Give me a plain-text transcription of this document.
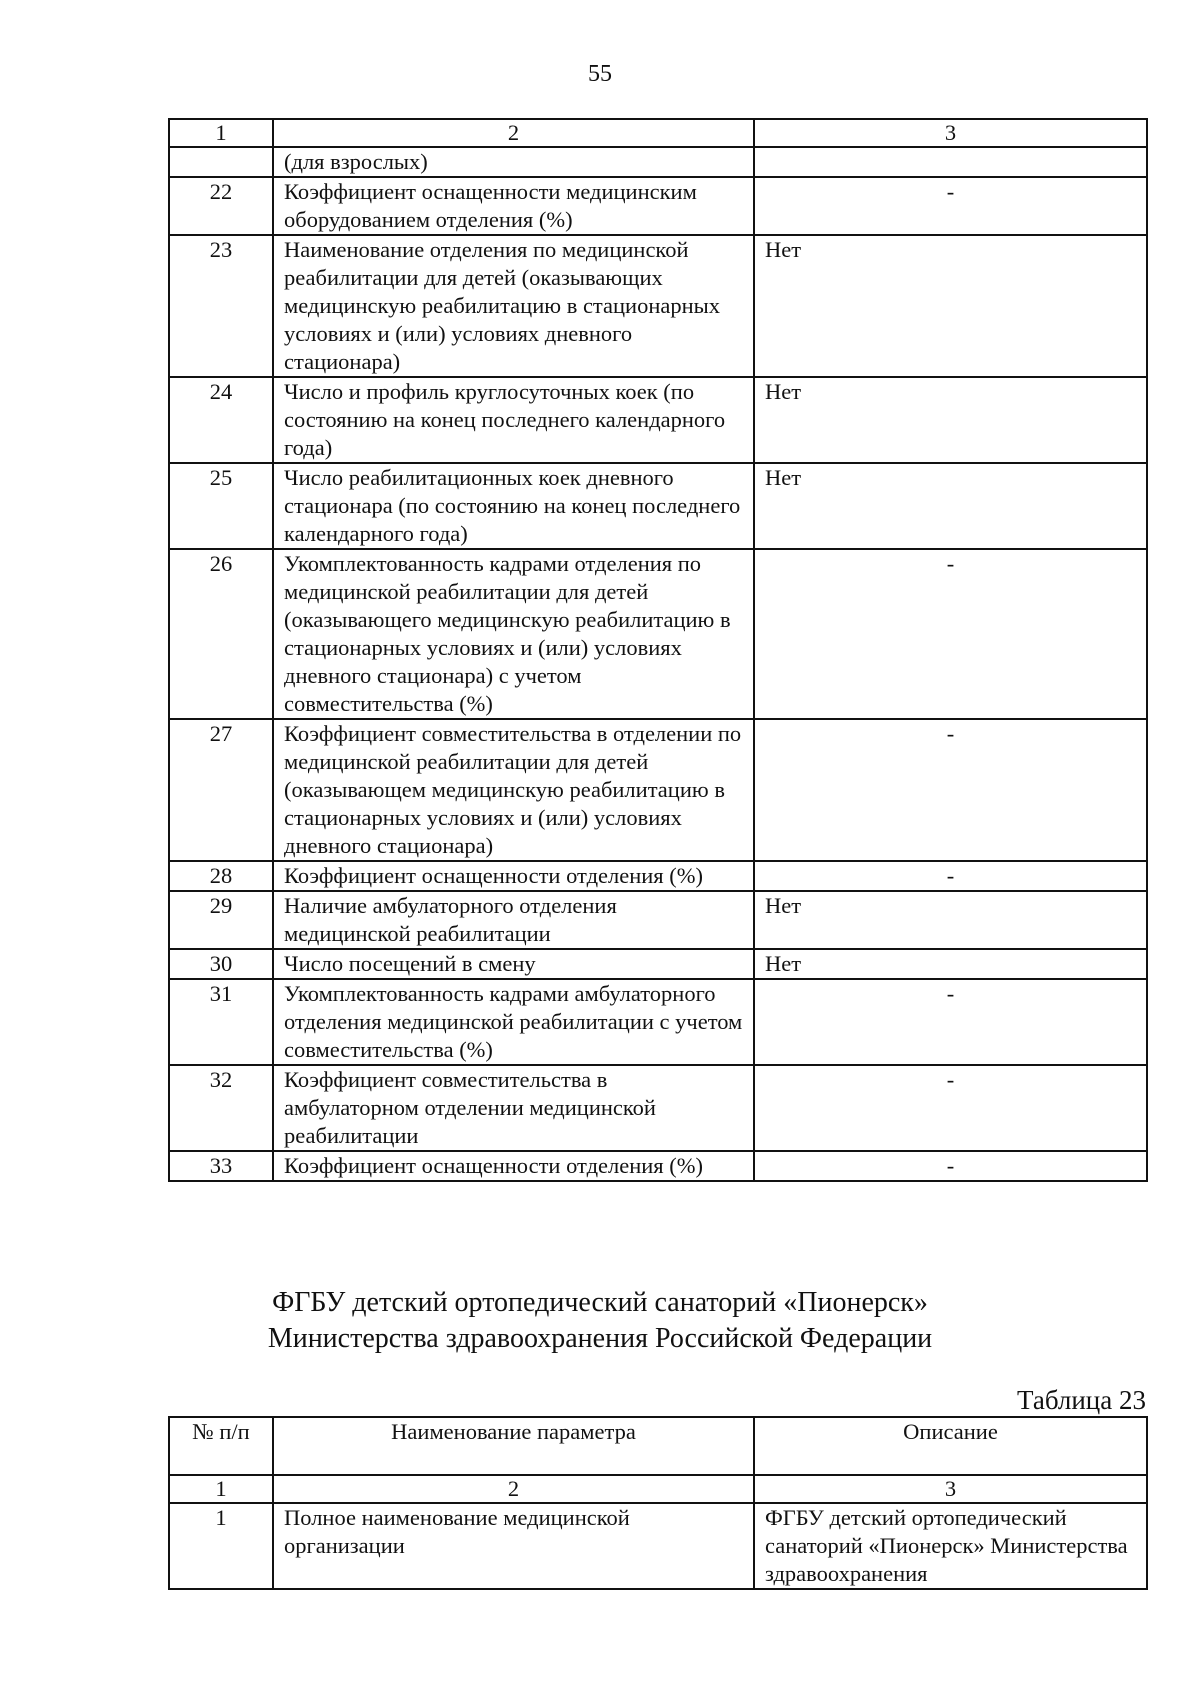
55
1	2	3
	(для взрослых)	
22	Коэффициент оснащенности медицинским оборудованием отделения (%)	-
23	Наименование отделения по медицинской реабилитации для детей (оказывающих медицинскую реабилитацию в стационарных условиях и (или) условиях дневного стационара)	Нет
24	Число и профиль круглосуточных коек (по состоянию на конец последнего календарного года)	Нет
25	Число реабилитационных коек дневного стационара (по состоянию на конец последнего календарного года)	Нет
26	Укомплектованность кадрами отделения по медицинской реабилитации для детей (оказывающего медицинскую реабилитацию в стационарных условиях и (или) условиях дневного стационара) с учетом совместительства (%)	-
27	Коэффициент совместительства в отделении по медицинской реабилитации для детей (оказывающем медицинскую реабилитацию в стационарных условиях и (или) условиях дневного стационара)	-
28	Коэффициент оснащенности отделения (%)	-
29	Наличие амбулаторного отделения медицинской реабилитации	Нет
30	Число посещений в смену	Нет
31	Укомплектованность кадрами амбулаторного отделения медицинской реабилитации с учетом совместительства (%)	-
32	Коэффициент совместительства в амбулаторном отделении медицинской реабилитации	-
33	Коэффициент оснащенности отделения (%)	-
ФГБУ детский ортопедический санаторий «Пионерск»
Министерства здравоохранения Российской Федерации
Таблица 23
№ п/п	Наименование параметра	Описание
1	2	3
1	Полное наименование медицинской организации	ФГБУ детский ортопедический санаторий «Пионерск» Министерства здравоохранения
